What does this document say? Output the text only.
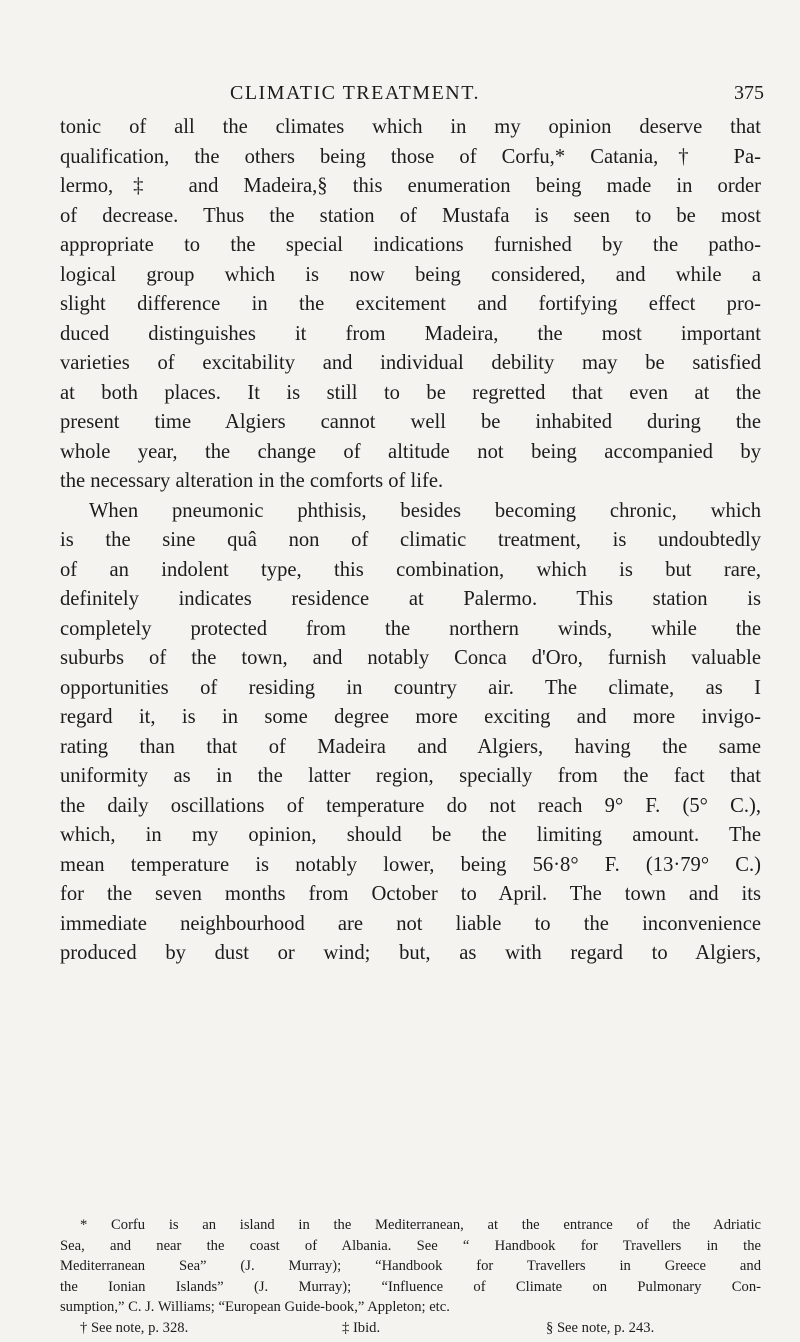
CLIMATIC TREATMENT.	375
tonic of all the climates which in my opinion deserve that
qualification, the others being those of Corfu,* Catania,† Pa-
lermo,‡ and Madeira,§ this enumeration being made in order
of decrease. Thus the station of Mustafa is seen to be most
appropriate to the special indications furnished by the patho-
logical group which is now being considered, and while a
slight difference in the excitement and fortifying effect pro-
duced distinguishes it from Madeira, the most important
varieties of excitability and individual debility may be satisfied
at both places. It is still to be regretted that even at the
present time Algiers cannot well be inhabited during the
whole year, the change of altitude not being accompanied by
the necessary alteration in the comforts of life.
When pneumonic phthisis, besides becoming chronic, which
is the sine quâ non of climatic treatment, is undoubtedly
of an indolent type, this combination, which is but rare,
definitely indicates residence at Palermo. This station is
completely protected from the northern winds, while the
suburbs of the town, and notably Conca d'Oro, furnish valuable
opportunities of residing in country air. The climate, as I
regard it, is in some degree more exciting and more invigo-
rating than that of Madeira and Algiers, having the same
uniformity as in the latter region, specially from the fact that
the daily oscillations of temperature do not reach 9° F. (5° C.),
which, in my opinion, should be the limiting amount. The
mean temperature is notably lower, being 56·8° F. (13·79° C.)
for the seven months from October to April. The town and its
immediate neighbourhood are not liable to the inconvenience
produced by dust or wind; but, as with regard to Algiers,
* Corfu is an island in the Mediterranean, at the entrance of the Adriatic
Sea, and near the coast of Albania. See “ Handbook for Travellers in the
Mediterranean Sea” (J. Murray); “Handbook for Travellers in Greece and
the Ionian Islands” (J. Murray); “Influence of Climate on Pulmonary Con-
sumption,” C. J. Williams; “European Guide-book,” Appleton; etc.
† See note, p. 328.	‡ Ibid.	§ See note, p. 243.
